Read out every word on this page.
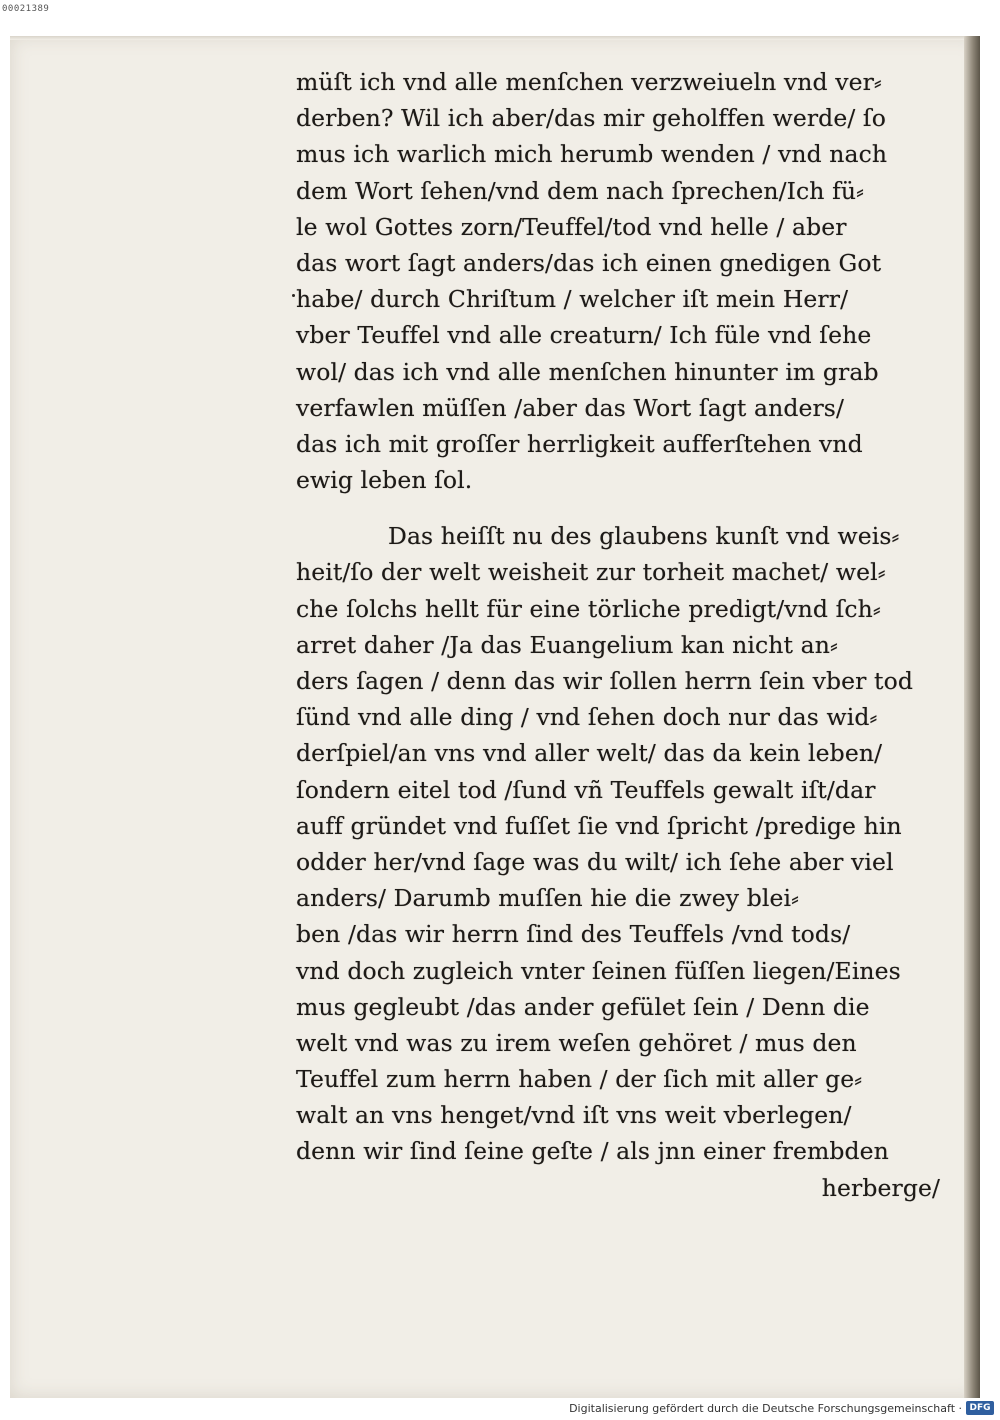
00021389
müſt ich vnd alle menſchen verzweiueln vnd ver⸗
derben? Wil ich aber/das mir geholffen werde/ ſo
mus ich warlich mich herumb wenden / vnd nach
dem Wort ſehen/vnd dem nach ſprechen/Ich fü⸗
le wol Gottes zorn/Teuffel/tod vnd helle / aber
das wort ſagt anders/das ich einen gnedigen Got
habe/ durch Chriſtum / welcher iſt mein Herr/
vber Teuffel vnd alle creaturn/ Ich füle vnd ſehe
wol/ das ich vnd alle menſchen hinunter im grab
verfawlen müſſen /aber das Wort ſagt anders/
das ich mit groſſer herrligkeit aufferſtehen vnd
ewig leben ſol.
Das heiſſt nu des glaubens kunſt vnd weis⸗
heit/ſo der welt weisheit zur torheit machet/ wel⸗
che ſolchs hellt für eine törliche predigt/vnd ſch⸗
arret daher /Ja das Euangelium kan nicht an⸗
ders ſagen / denn das wir ſollen herrn ſein vber tod
ſünd vnd alle ding / vnd ſehen doch nur das wid⸗
derſpiel/an vns vnd aller welt/ das da kein leben/
ſondern eitel tod /ſund vñ Teuffels gewalt iſt/dar
auff gründet vnd fuſſet ſie vnd ſpricht /predige hin
odder her/vnd ſage was du wilt/ ich ſehe aber viel
anders/ Darumb muſſen hie die zwey blei⸗
ben /das wir herrn ſind des Teuffels /vnd tods/
vnd doch zugleich vnter ſeinen füſſen liegen/Eines
mus gegleubt /das ander gefület ſein / Denn die
welt vnd was zu irem weſen gehöret / mus den
Teuffel zum herrn haben / der ſich mit aller ge⸗
walt an vns henget/vnd iſt vns weit vberlegen/
denn wir ſind ſeine geſte / als jnn einer frembden
herberge/
Digitalisierung gefördert durch die Deutsche Forschungsgemeinschaft · DFG
